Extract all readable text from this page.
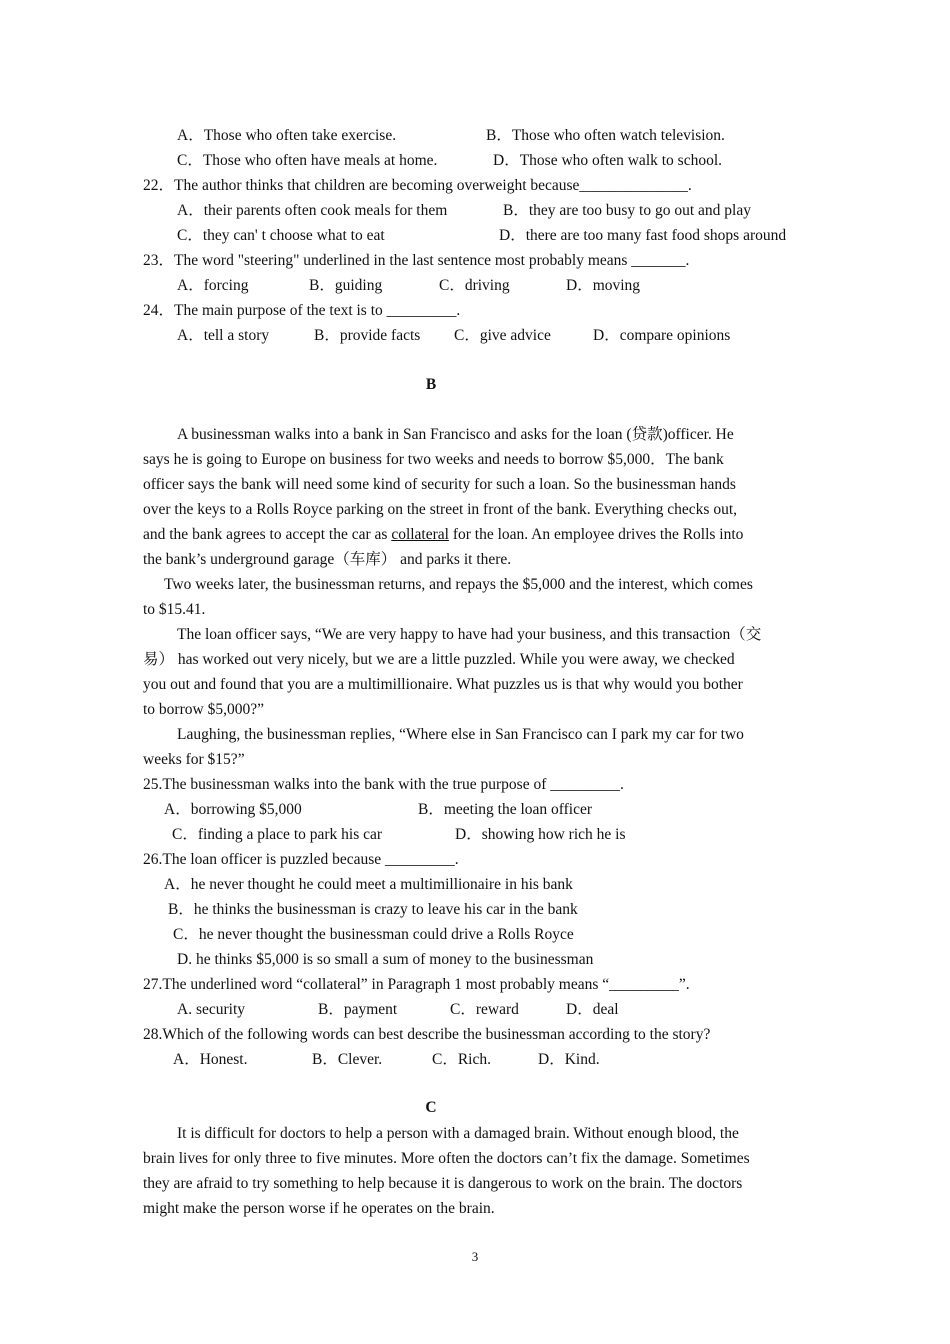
A．Those who often take exercise.	B．Those who often watch television.
C．Those who often have meals at home.	D．Those who often walk to school.
22．The author thinks that children are becoming overweight because______________.
A．their parents often cook meals for them	B．they are too busy to go out and play
C．they can' t choose what to eat	D．there are too many fast food shops around
23．The word "steering" underlined in the last sentence most probably means _______.
A．forcing	B．guiding	C．driving	D．moving
24．The main purpose of the text is to _________.
A．tell a story	B．provide facts C．give advice	D．compare opinions
B
A businessman walks into a bank in San Francisco and asks for the loan (贷款)officer. He
says he is going to Europe on business for two weeks and needs to borrow $5,000．The bank
officer says the bank will need some kind of security for such a loan. So the businessman hands
over the keys to a Rolls Royce parking on the street in front of the bank. Everything checks out,
and the bank agrees to accept the car as collateral for the loan. An employee drives the Rolls into
the bank’s underground garage（车库） and parks it there.
Two weeks later, the businessman returns, and repays the $5,000 and the interest, which comes
to $15.41.
The loan officer says, “We are very happy to have had your business, and this transaction（交
易） has worked out very nicely, but we are a little puzzled. While you were away, we checked
you out and found that you are a multimillionaire. What puzzles us is that why would you bother
to borrow $5,000?”
Laughing, the businessman replies, “Where else in San Francisco can I park my car for two
weeks for $15?”
25.The businessman walks into the bank with the true purpose of _________.
A．borrowing $5,000	B．meeting the loan officer
C．finding a place to park his car	D．showing how rich he is
26.The loan officer is puzzled because _________.
A．he never thought he could meet a multimillionaire in his bank
B．he thinks the businessman is crazy to leave his car in the bank
C．he never thought the businessman could drive a Rolls Royce
D. he thinks $5,000 is so small a sum of money to the businessman
27.The underlined word “collateral” in Paragraph 1 most probably means “_________”.
A. security	B．payment	C．reward	D．deal
28.Which of the following words can best describe the businessman according to the story?
A．Honest.	B．Clever.	C．Rich.	D．Kind.
C
It is difficult for doctors to help a person with a damaged brain. Without enough blood, the
brain lives for only three to five minutes. More often the doctors can’t fix the damage. Sometimes
they are afraid to try something to help because it is dangerous to work on the brain. The doctors
might make the person worse if he operates on the brain.
3
